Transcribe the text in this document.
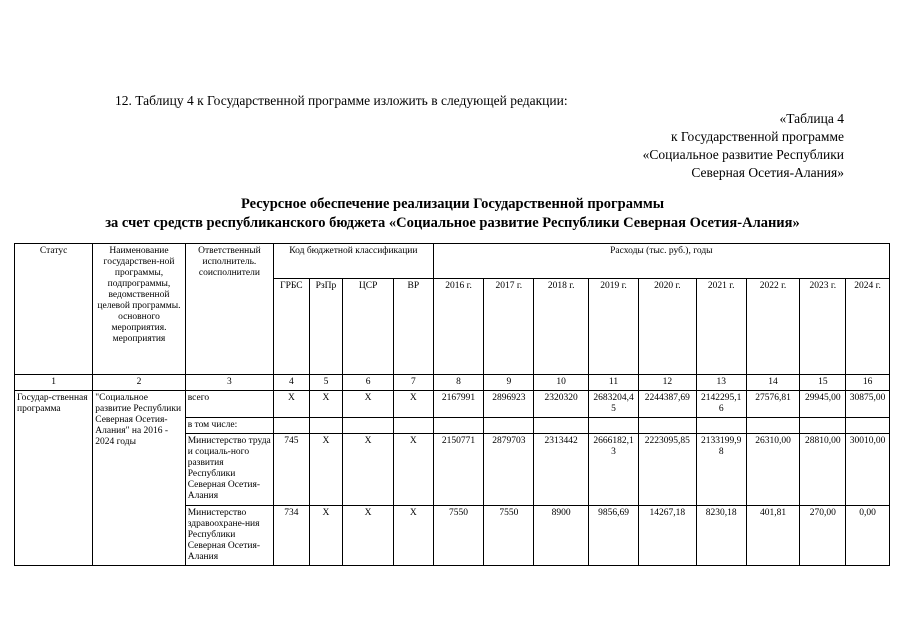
12. Таблицу 4 к Государственной программе изложить в следующей редакции:
«Таблица 4
к Государственной программе
«Социальное развитие Республики
Северная Осетия-Алания»
Ресурсное обеспечение реализации Государственной программы
за счет средств республиканского бюджета «Социальное развитие Республики Северная Осетия-Алания»
Статус	Наименование государствен-ной программы, подпрограммы, ведомственной целевой программы. основного мероприятия. мероприятия	Ответственный исполнитель. соисполнители	Код бюджетной классификации				Расходы (тыс. руб.), годы								
			ГРБС	РзПр	ЦСР	ВР	2016 г.	2017 г.	2018 г.	2019 г.	2020 г.	2021 г.	2022 г.	2023 г.	2024 г.
1	2	3	4	5	6	7	8	9	10	11	12	13	14	15	16
Государ-ственная программа	"Социальное развитие Республики Северная Осетия-Алания" на 2016 - 2024 годы	всего	X	X	X	X	2167991	2896923	2320320	2683204,45	2244387,69	2142295,16	27576,81	29945,00	30875,00
		в том числе:													
		Министерство труда и социаль-ного развития Республики Северная Осетия-Алания	745	X	X	X	2150771	2879703	2313442	2666182,13	2223095,85	2133199,98	26310,00	28810,00	30010,00
		Министерство здравоохране-ния Республики Северная Осетия-Алания	734	X	X	X	7550	7550	8900	9856,69	14267,18	8230,18	401,81	270,00	0,00
